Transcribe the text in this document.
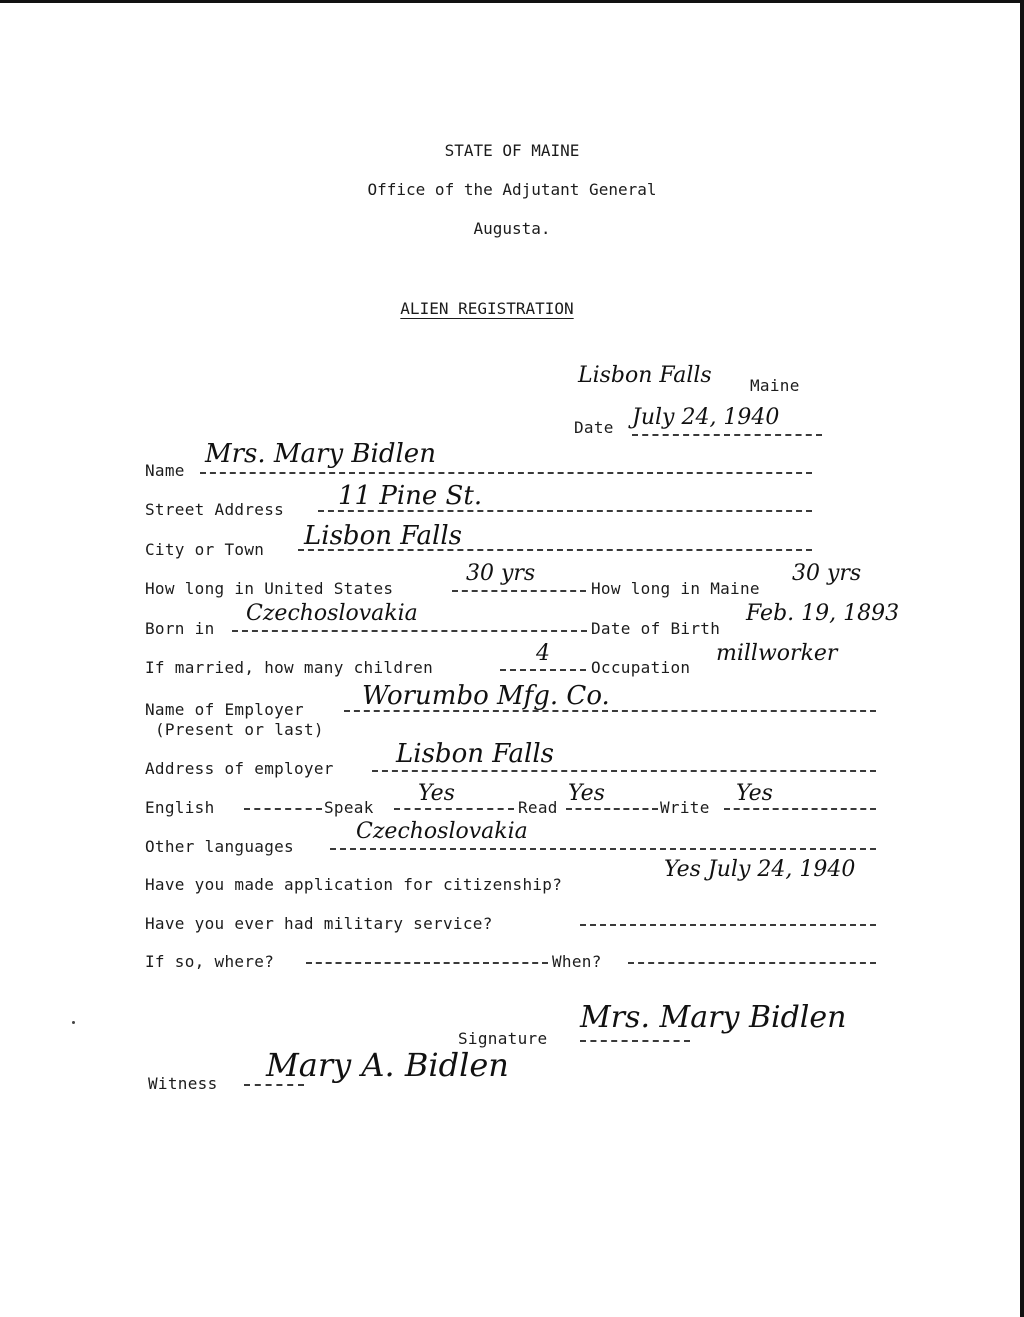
STATE OF MAINE
Office of the Adjutant General
Augusta.
ALIEN REGISTRATION
Lisbon Falls Maine
Date July 24, 1940
Name
Mrs. Mary Bidlen
Street Address 11 Pine St.
City or Town Lisbon Falls
How long in United States
30 yrs
How long in Maine
30 yrs
Born in
Czechoslovakia
Date of Birth
Feb. 19, 1893
If married, how many children
4
Occupation
millworker
Name of Employer
(Present or last)
Worumbo Mfg. Co.
Address of employer Lisbon Falls
English	Speak
Yes
Read
Yes
Write
Yes
Other languages
Czechoslovakia
Have you made application for citizenship?
Yes July 24, 1940
Have you ever had military service?
If so, where?	When?
Signature
Mrs. Mary Bidlen
Witness Mary A. Bidlen
